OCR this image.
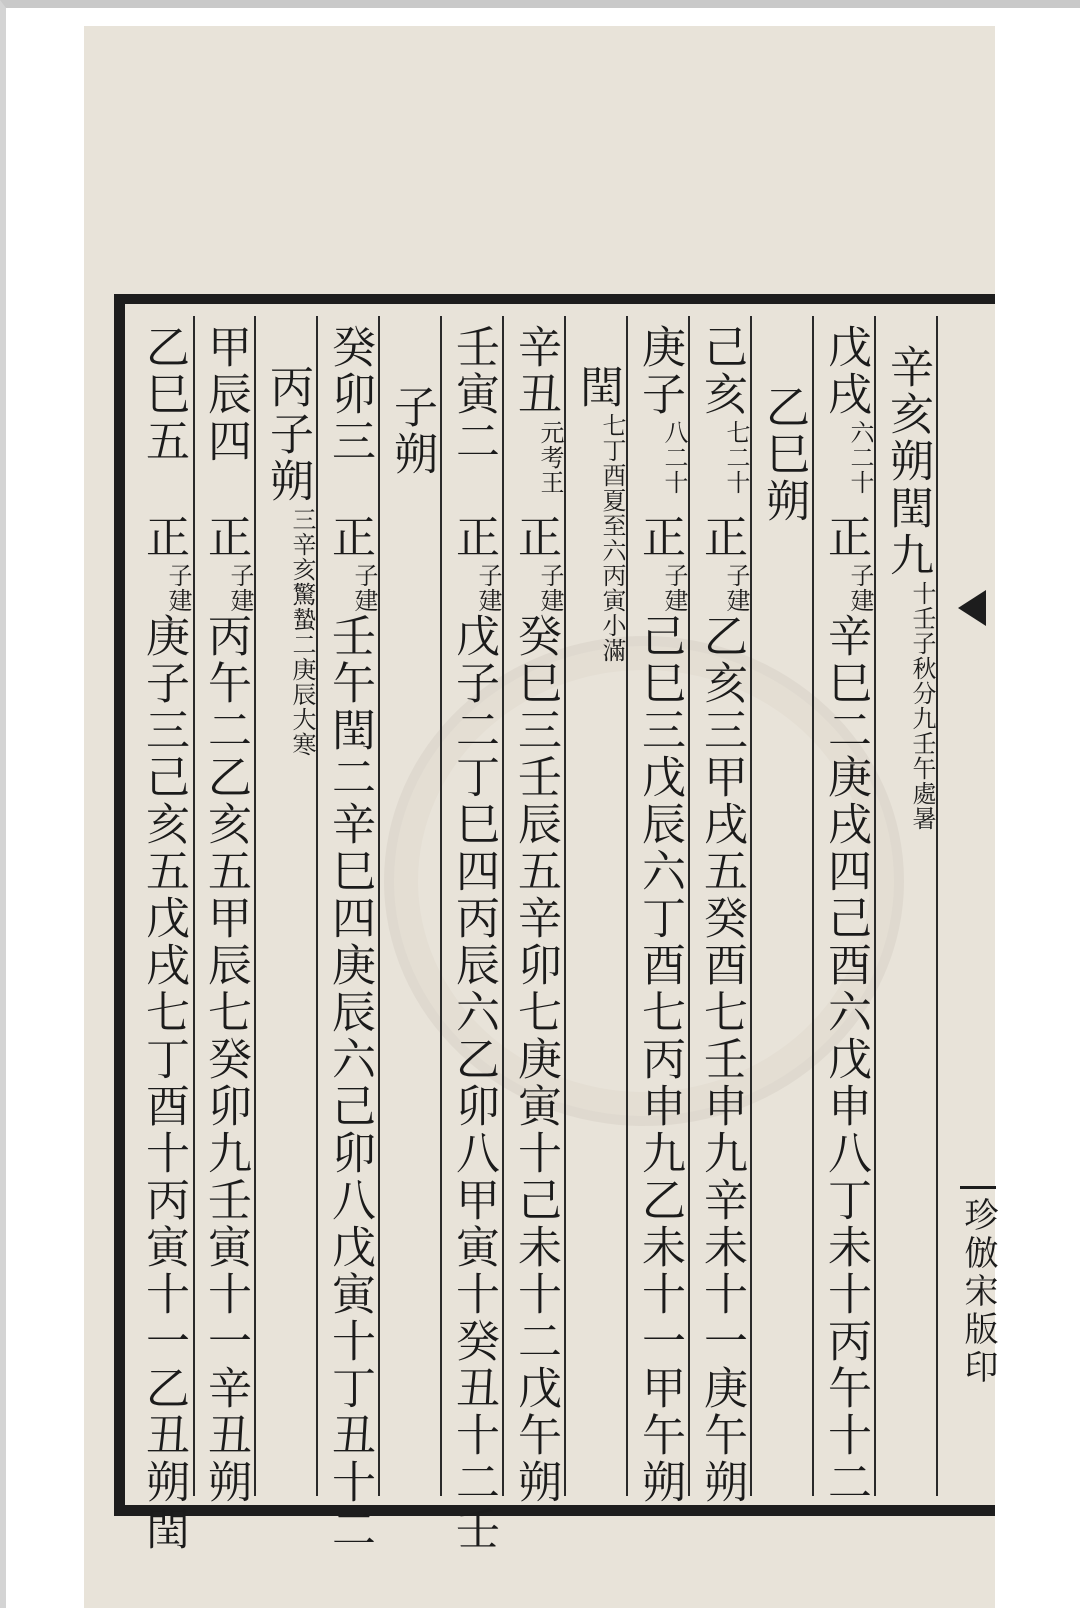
珍倣宋版印
辛亥朔閏九
九壬午處暑
十壬子秋分
戊戌
二十
六
正
建
子
辛巳二庚戌四己酉六戊申八丁未十丙午十二
乙巳朔
己亥
二十
七
正
建
子
乙亥三甲戌五癸酉七壬申九辛未十一庚午朔
庚子
二十
八
正
建
子
己巳三戊辰六丁酉七丙申九乙未十一甲午朔
閏
六丙寅小滿
七丁酉夏至
辛丑
考王
元
正
建
子
癸巳三壬辰五辛卯七庚寅十己未十二戊午朔
壬寅二
正
建
子
戊子二丁巳四丙辰六乙卯八甲寅十癸丑十二壬
子朔
癸卯三
正
建
子
壬午閏二辛巳四庚辰六己卯八戊寅十丁丑十二
丙子朔
二庚辰大寒
三辛亥驚蟄
甲辰四
正
建
子
丙午二乙亥五甲辰七癸卯九壬寅十一辛丑朔
乙巳五
正
建
子
庚子三己亥五戊戌七丁酉十丙寅十一乙丑朔閏
